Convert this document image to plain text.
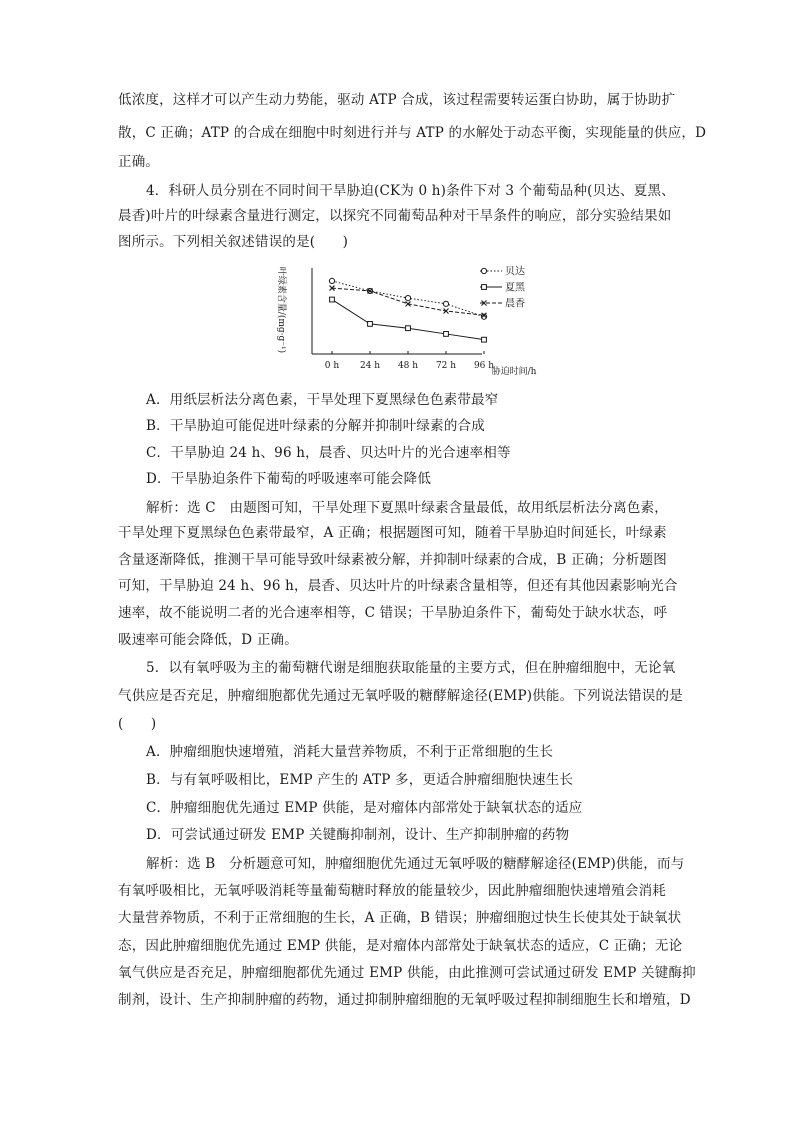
低浓度，这样才可以产生动力势能，驱动 ATP 合成，该过程需要转运蛋白协助，属于协助扩
散，C 正确；ATP 的合成在细胞中时刻进行并与 ATP 的水解处于动态平衡，实现能量的供应，D
正确。
4．科研人员分别在不同时间干旱胁迫(CK为 0 h)条件下对 3 个葡萄品种(贝达、夏黑、
晨香)叶片的叶绿素含量进行测定，以探究不同葡萄品种对干旱条件的响应，部分实验结果如
图所示。下列相关叙述错误的是(　　)
叶绿素含量/(mg·g⁻¹)
胁迫时间/h
0 h 24 h 48 h 72 h 96 h
贝达
夏黑
晨香
A．用纸层析法分离色素，干旱处理下夏黑绿色色素带最窄
B．干旱胁迫可能促进叶绿素的分解并抑制叶绿素的合成
C．干旱胁迫 24 h、96 h，晨香、贝达叶片的光合速率相等
D．干旱胁迫条件下葡萄的呼吸速率可能会降低
解析：选 C　由题图可知，干旱处理下夏黑叶绿素含量最低，故用纸层析法分离色素，
干旱处理下夏黑绿色色素带最窄，A 正确；根据题图可知，随着干旱胁迫时间延长，叶绿素
含量逐渐降低，推测干旱可能导致叶绿素被分解，并抑制叶绿素的合成，B 正确；分析题图
可知，干旱胁迫 24 h、96 h，晨香、贝达叶片的叶绿素含量相等，但还有其他因素影响光合
速率，故不能说明二者的光合速率相等，C 错误；干旱胁迫条件下，葡萄处于缺水状态，呼
吸速率可能会降低，D 正确。
5．以有氧呼吸为主的葡萄糖代谢是细胞获取能量的主要方式，但在肿瘤细胞中，无论氧
气供应是否充足，肿瘤细胞都优先通过无氧呼吸的糖酵解途径(EMP)供能。下列说法错误的是
(　　)
A．肿瘤细胞快速增殖，消耗大量营养物质，不利于正常细胞的生长
B．与有氧呼吸相比，EMP 产生的 ATP 多，更适合肿瘤细胞快速生长
C．肿瘤细胞优先通过 EMP 供能，是对瘤体内部常处于缺氧状态的适应
D．可尝试通过研发 EMP 关键酶抑制剂，设计、生产抑制肿瘤的药物
解析：选 B　分析题意可知，肿瘤细胞优先通过无氧呼吸的糖酵解途径(EMP)供能，而与
有氧呼吸相比，无氧呼吸消耗等量葡萄糖时释放的能量较少，因此肿瘤细胞快速增殖会消耗
大量营养物质，不利于正常细胞的生长，A 正确，B 错误；肿瘤细胞过快生长使其处于缺氧状
态，因此肿瘤细胞优先通过 EMP 供能，是对瘤体内部常处于缺氧状态的适应，C 正确；无论
氧气供应是否充足，肿瘤细胞都优先通过 EMP 供能，由此推测可尝试通过研发 EMP 关键酶抑
制剂，设计、生产抑制肿瘤的药物，通过抑制肿瘤细胞的无氧呼吸过程抑制细胞生长和增殖，D
